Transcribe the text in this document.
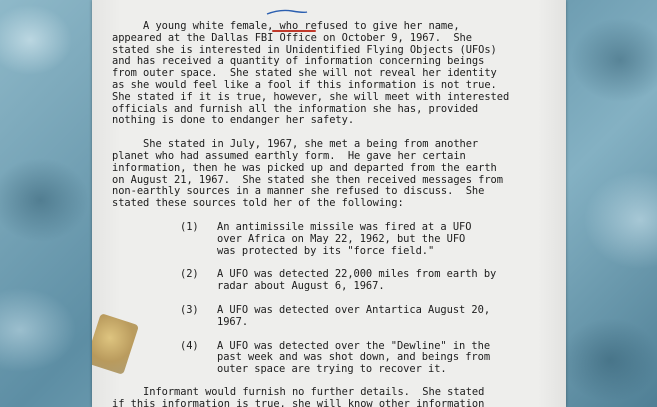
A young white female, who refused to give her name,
appeared at the Dallas FBI Office on October 9, 1967.  She
stated she is interested in Unidentified Flying Objects (UFOs)
and has received a quantity of information concerning beings
from outer space.  She stated she will not reveal her identity
as she would feel like a fool if this information is not true.
She stated if it is true, however, she will meet with interested
officials and furnish all the information she has, provided
nothing is done to endanger her safety.
She stated in July, 1967, she met a being from another
planet who had assumed earthly form.  He gave her certain
information, then he was picked up and departed from the earth
on August 21, 1967.  She stated she then received messages from
non-earthly sources in a manner she refused to discuss.  She
stated these sources told her of the following:
(1)	An antimissile missile was fired at a UFO
over Africa on May 22, 1962, but the UFO
was protected by its "force field."
(2)	A UFO was detected 22,000 miles from earth by
radar about August 6, 1967.
(3)	A UFO was detected over Antartica August 20,
1967.
(4)	A UFO was detected over the "Dewline" in the
past week and was shot down, and beings from
outer space are trying to recover it.
Informant would furnish no further details.  She stated
if this information is true, she will know other information
